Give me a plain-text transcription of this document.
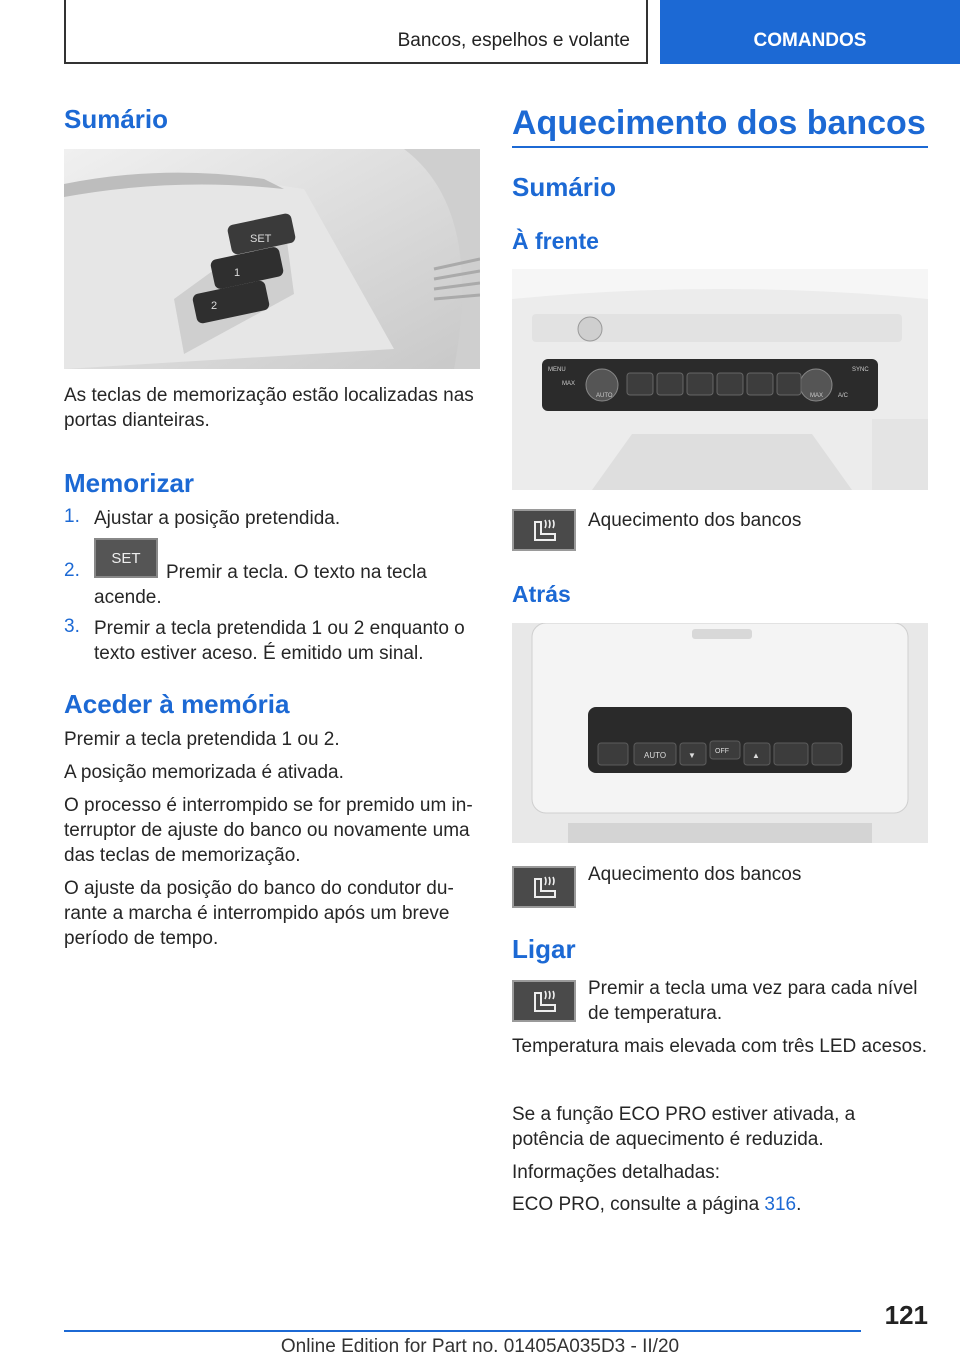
Bancos, espelhos e volante	COMANDOS
Sumário
SET
1
2
As teclas de memorização estão localizadas nas portas dianteiras.
Memorizar
1. Ajustar a posição pretendida.
2.
SET
Premir a tecla. O texto na tecla acende.
3. Premir a tecla pretendida 1 ou 2 enquanto o texto estiver aceso. É emitido um sinal.
Aceder à memória
Premir a tecla pretendida 1 ou 2.
A posição memorizada é ativada.
O processo é interrompido se for premido um interruptor de ajuste do banco ou novamente uma das teclas de memorização.
O ajuste da posição do banco do condutor durante a marcha é interrompido após um breve período de tempo.
Aquecimento dos bancos
Sumário
À frente
MENU
MAX
AUTO	MAX
SYNC
A/C
Aquecimento dos bancos
Atrás
AUTO	▼	OFF	▲
Aquecimento dos bancos
Ligar
Premir a tecla uma vez para cada nível de temperatura.
Temperatura mais elevada com três LED acesos.
Se a função ECO PRO estiver ativada, a potência de aquecimento é reduzida.
Informações detalhadas:
ECO PRO, consulte a página 316.
121
Online Edition for Part no. 01405A035D3 - II/20
